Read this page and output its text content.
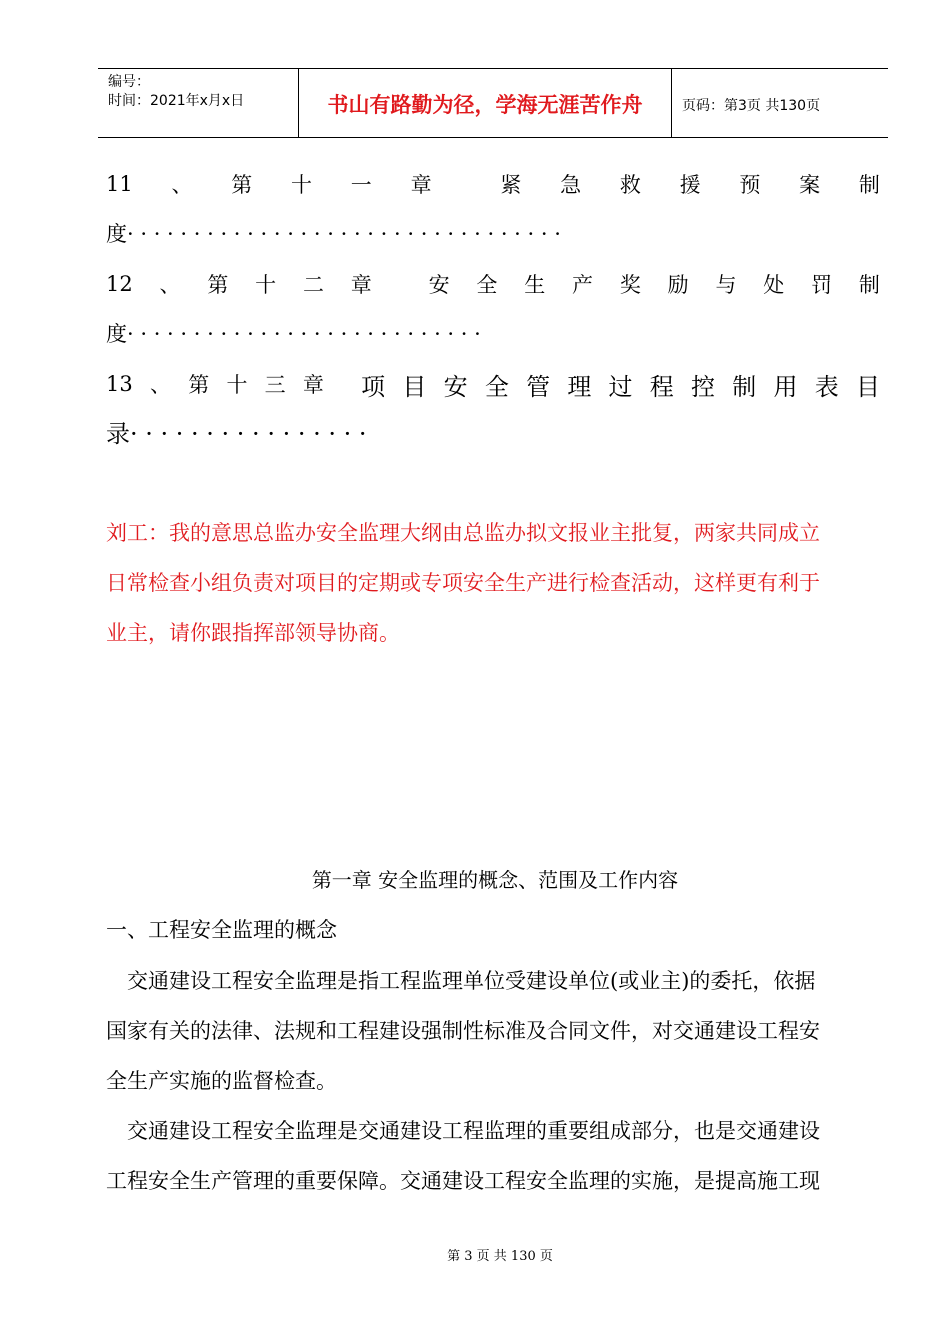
编号：
时间：2021年x月x日	书山有路勤为径，学海无涯苦作舟	页码：第3页 共130页
11 、 第 十 一 章	紧 急 救 援 预 案 制
度· · · · · · · · · · · · · · · · · · · · · · · · · · · · · · · · ·
12 、 第 十 二 章	安 全 生 产 奖 励 与 处 罚 制
度· · · · · · · · · · · · · · · · · · · · · · · · · · ·
13 、 第 十 三 章 项 目 安 全 管 理 过 程 控 制 用 表 目
录· · · · · · · · · · · · · · · ·

刘工：我的意思总监办安全监理大纲由总监办拟文报业主批复，两家共同成立

日常检查小组负责对项目的定期或专项安全生产进行检查活动，这样更有利于

业主，请你跟指挥部领导协商。

第一章 安全监理的概念、范围及工作内容
一、工程安全监理的概念

交通建设工程安全监理是指工程监理单位受建设单位(或业主)的委托，依据

国家有关的法律、法规和工程建设强制性标准及合同文件，对交通建设工程安

全生产实施的监督检查。

交通建设工程安全监理是交通建设工程监理的重要组成部分，也是交通建设

工程安全生产管理的重要保障。交通建设工程安全监理的实施，是提高施工现

第 3 页 共 130 页
